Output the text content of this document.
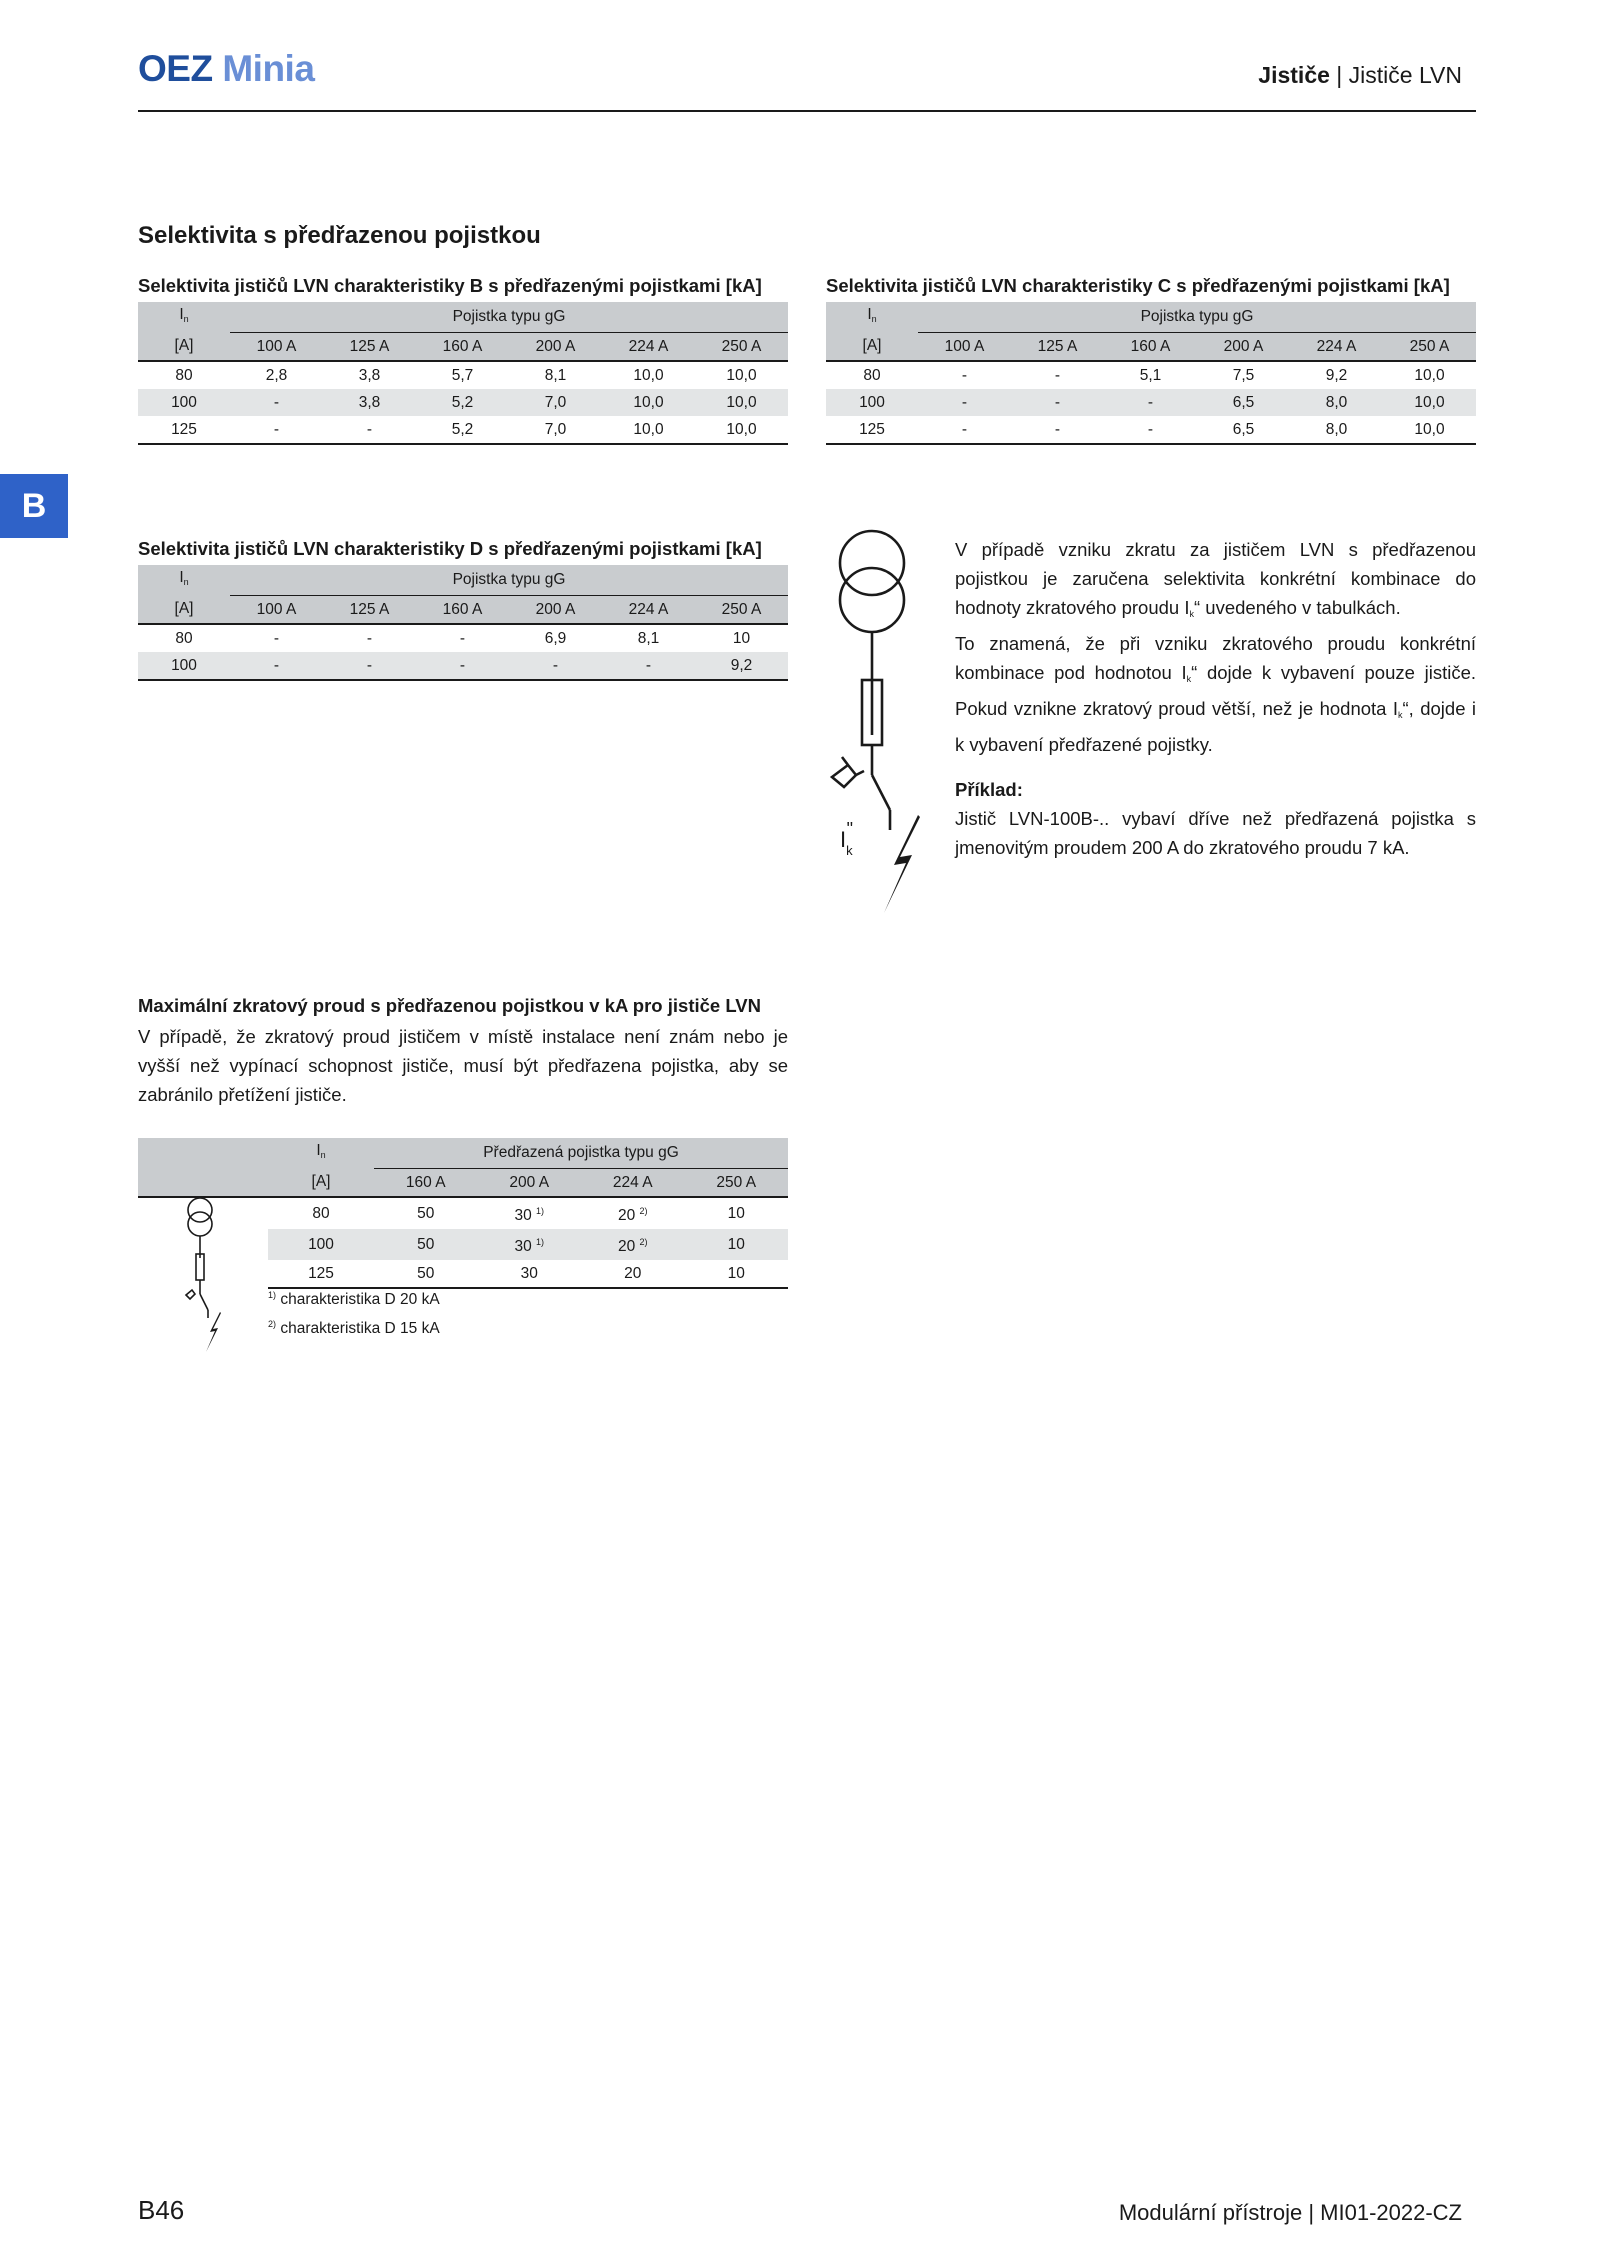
OEZ Minia	Jističe | Jističe LVN
B
Selektivita s předřazenou pojistkou
Selektivita jističů LVN charakteristiky B s předřazenými pojistkami [kA]
$I_n$	Pojistka typu gG					
[A]	100 A	125 A	160 A	200 A	224 A	250 A
80	2,8	3,8	5,7	8,1	10,0	10,0
100	-	3,8	5,2	7,0	10,0	10,0
125	-	-	5,2	7,0	10,0	10,0
Selektivita jističů LVN charakteristiky C s předřazenými pojistkami [kA]
$I_n$	Pojistka typu gG					
[A]	100 A	125 A	160 A	200 A	224 A	250 A
80	-	-	5,1	7,5	9,2	10,0
100	-	-	-	6,5	8,0	10,0
125	-	-	-	6,5	8,0	10,0
Selektivita jističů LVN charakteristiky D s předřazenými pojistkami [kA]
$I_n$	Pojistka typu gG					
[A]	100 A	125 A	160 A	200 A	224 A	250 A
80	-	-	-	6,9	8,1	10
100	-	-	-	-	-	9,2
$I_k$"
V případě vzniku zkratu za jističem LVN s předřazenou pojistkou je zaručena selektivita konkrétní kombinace do hodnoty zkratového proudu $I_k“$ uvedeného v tabulkách.
To znamená, že při vzniku zkratového proudu konkrétní kombinace pod hodnotou $I_k“$ dojde k vybavení pouze jističe. Pokud vznikne zkratový proud větší, než je hodnota $I_k“$, dojde i k vybavení předřazené pojistky.
Příklad:
Jistič LVN-100B-.. vybaví dříve než předřazená pojistka s jmenovitým proudem 200 A do zkratového proudu 7 kA.
Maximální zkratový proud s předřazenou pojistkou v kA pro jističe LVN
V případě, že zkratový proud jističem v místě instalace není znám nebo je vyšší než vypínací schopnost jističe, musí být předřazena pojistka, aby se zabránilo přetížení jističe.
	$I_n$	Předřazená pojistka typu gG			
	[A]	160 A	200 A	224 A	250 A
	80	50	30 $^{1)}$	20 $^{2)}$	10
	100	50	30 $^{1)}$	20 $^{2)}$	10
	125	50	30	20	10
$^{1)}$ charakteristika D 20 kA
$^{2)}$ charakteristika D 15 kA
B46	Modulární přístroje | MI01-2022-CZ
